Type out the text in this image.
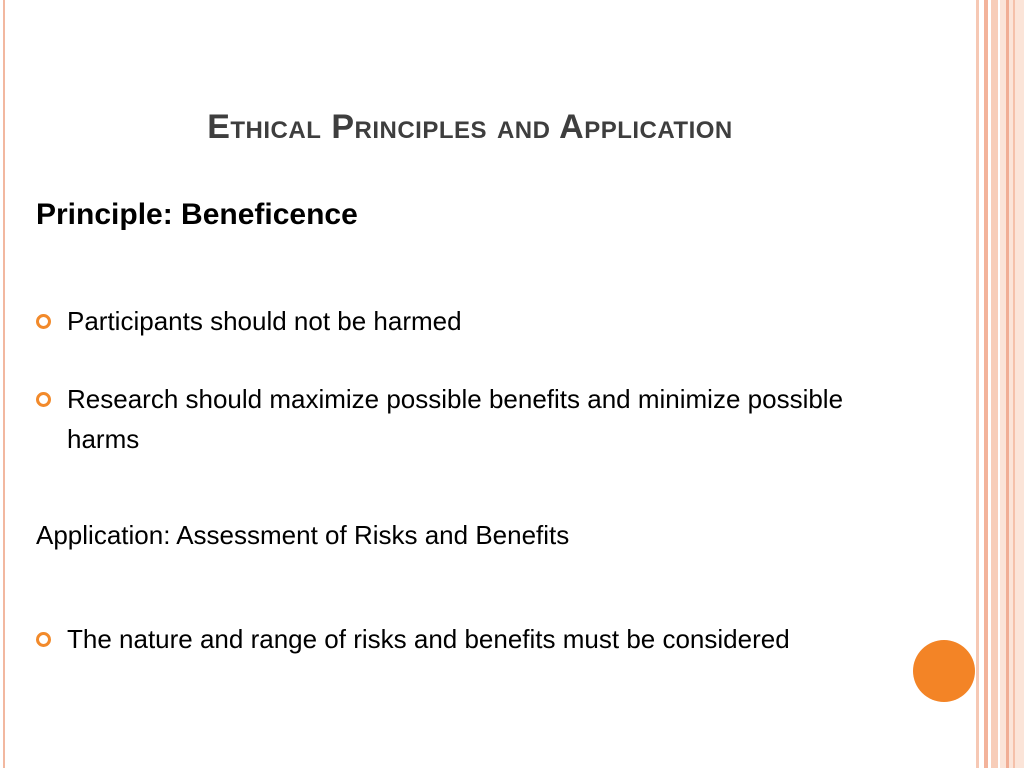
Ethical Principles and Application
Principle: Beneficence
Participants should not be harmed
Research should maximize possible benefits and minimize possible harms
Application: Assessment of Risks and Benefits
The nature and range of risks and benefits must be considered
